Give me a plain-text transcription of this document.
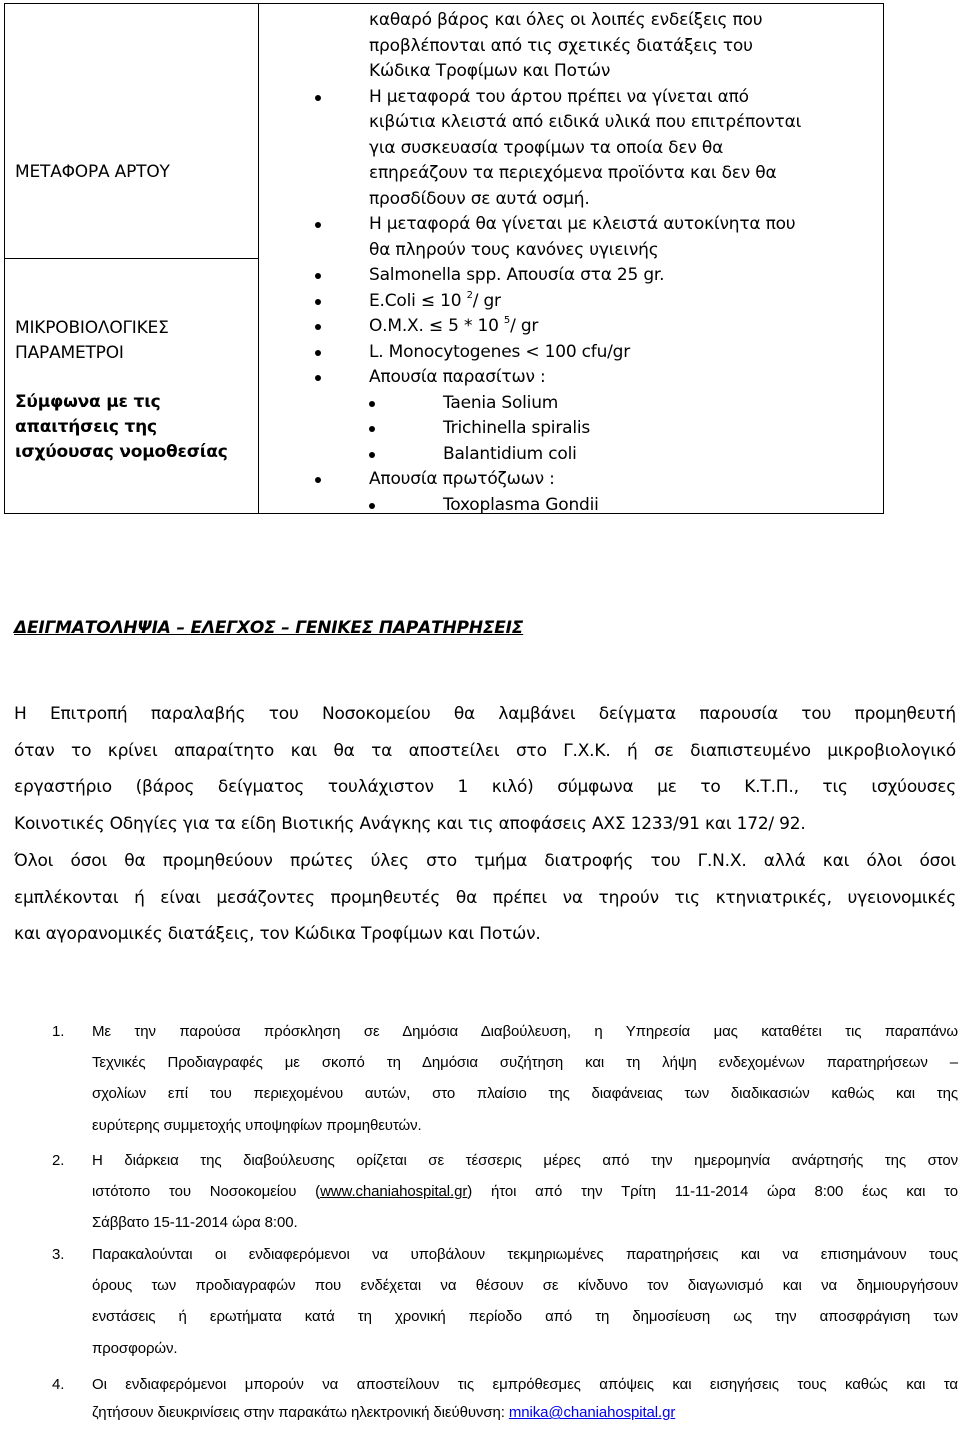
ΜΕΤΑΦΟΡΑ ΑΡΤΟΥ
ΜΙΚΡΟΒΙΟΛΟΓΙΚΕΣ
ΠΑΡΑΜΕΤΡΟΙ
Σύμφωνα με τις
απαιτήσεις της
ισχύουσας νομοθεσίας
καθαρό βάρος και όλες οι λοιπές ενδείξεις που
προβλέπονται από τις σχετικές διατάξεις του
Κώδικα Τροφίμων και Ποτών
Η μεταφορά του άρτου πρέπει να γίνεται από
κιβώτια κλειστά από ειδικά υλικά που επιτρέπονται
για συσκευασία τροφίμων τα οποία δεν θα
επηρεάζουν τα περιεχόμενα προϊόντα και δεν θα
προσδίδουν σε αυτά οσμή.
Η μεταφορά θα γίνεται με κλειστά αυτοκίνητα που
θα πληρούν τους κανόνες υγιεινής
Salmonella spp. Απουσία στα 25 gr.
E.Coli ≤ 10 $^2$/ gr
Ο.Μ.Χ. ≤ 5 * 10 $^5$/ gr
L. Monocytogenes < 100 cfu/gr
Απουσία παρασίτων :
Taenia Solium
Trichinella spiralis
Balantidium coli
Απουσία πρωτόζωων :
Toxoplasma Gondii
ΔΕΙΓΜΑΤΟΛΗΨΙΑ – ΕΛΕΓΧΟΣ – ΓΕΝΙΚΕΣ ΠΑΡΑΤΗΡΗΣΕΙΣ
Η Επιτροπή παραλαβής του Νοσοκομείου θα λαμβάνει δείγματα παρουσία του προμηθευτή
όταν το κρίνει απαραίτητο και θα τα αποστείλει στο Γ.Χ.Κ. ή σε διαπιστευμένο μικροβιολογικό
εργαστήριο (βάρος δείγματος τουλάχιστον 1 κιλό) σύμφωνα με το Κ.Τ.Π., τις ισχύουσες
Κοινοτικές Οδηγίες για τα είδη Βιοτικής Ανάγκης και τις αποφάσεις ΑΧΣ 1233/91 και 172/ 92.
Όλοι όσοι θα προμηθεύουν πρώτες ύλες στο τμήμα διατροφής του Γ.Ν.Χ. αλλά και όλοι όσοι
εμπλέκονται ή είναι μεσάζοντες προμηθευτές θα πρέπει να τηρούν τις κτηνιατρικές, υγειονομικές
και αγορανομικές διατάξεις, τον Κώδικα Τροφίμων και Ποτών.
1. Με την παρούσα πρόσκληση σε Δημόσια Διαβούλευση, η Υπηρεσία μας καταθέτει τις παραπάνω
Τεχνικές Προδιαγραφές με σκοπό τη Δημόσια συζήτηση και τη λήψη ενδεχομένων παρατηρήσεων –
σχολίων επί του περιεχομένου αυτών, στο πλαίσιο της διαφάνειας των διαδικασιών καθώς και της
ευρύτερης συμμετοχής υποψηφίων προμηθευτών.
2. Η διάρκεια της διαβούλευσης ορίζεται σε τέσσερις μέρες από την ημερομηνία ανάρτησής της στον
ιστότοπο του Νοσοκομείου (www.chaniahospital.gr) ήτοι από την Τρίτη 11-11-2014 ώρα 8:00 έως και το
Σάββατο 15-11-2014 ώρα 8:00.
3. Παρακαλούνται οι ενδιαφερόμενοι να υποβάλουν τεκμηριωμένες παρατηρήσεις και να επισημάνουν τους
όρους των προδιαγραφών που ενδέχεται να θέσουν σε κίνδυνο τον διαγωνισμό και να δημιουργήσουν
ενστάσεις ή ερωτήματα κατά τη χρονική περίοδο από τη δημοσίευση ως την αποσφράγιση των
προσφορών.
4. Οι ενδιαφερόμενοι μπορούν να αποστείλουν τις εμπρόθεσμες απόψεις και εισηγήσεις τους καθώς και τα
ζητήσουν διευκρινίσεις στην παρακάτω ηλεκτρονική διεύθυνση: mnika@chaniahospital.gr
